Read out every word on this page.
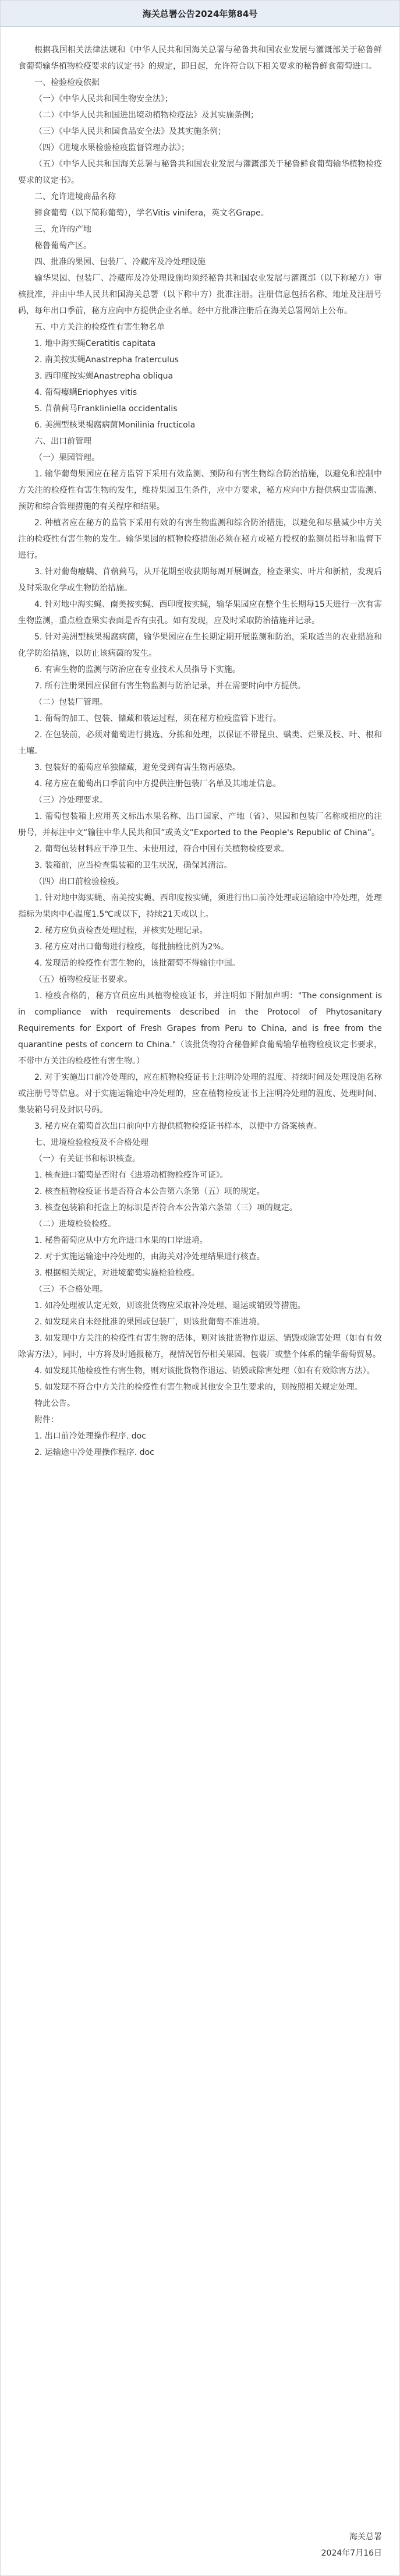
海关总署公告2024年第84号

根据我国相关法律法规和《中华人民共和国海关总署与秘鲁共和国农业发展与灌溉部关于秘鲁鲜食葡萄输华植物检疫要求的议定书》的规定，即日起，允许符合以下相关要求的秘鲁鲜食葡萄进口。

一、检验检疫依据

（一）《中华人民共和国生物安全法》；

（二）《中华人民共和国进出境动植物检疫法》及其实施条例；

（三）《中华人民共和国食品安全法》及其实施条例；

（四）《进境水果检验检疫监督管理办法》；

（五）《中华人民共和国海关总署与秘鲁共和国农业发展与灌溉部关于秘鲁鲜食葡萄输华植物检疫要求的议定书》。

二、允许进境商品名称

鲜食葡萄（以下简称葡萄），学名Vitis vinifera，英文名Grape。

三、允许的产地

秘鲁葡萄产区。

四、批准的果园、包装厂、冷藏库及冷处理设施

输华果园、包装厂、冷藏库及冷处理设施均须经秘鲁共和国农业发展与灌溉部（以下称秘方）审核批准，并由中华人民共和国海关总署（以下称中方）批准注册。注册信息包括名称、地址及注册号码，每年出口季前，秘方应向中方提供企业名单。经中方批准注册后在海关总署网站上公布。

五、中方关注的检疫性有害生物名单

1. 地中海实蝇Ceratitis capitata

2. 南美按实蝇Anastrepha fraterculus

3. 西印度按实蝇Anastrepha obliqua

4. 葡萄瘿螨Eriophyes vitis

5. 苜蓿蓟马Frankliniella occidentalis

6. 美洲型核果褐腐病菌Monilinia fructicola

六、出口前管理

（一）果园管理。

1. 输华葡萄果园应在秘方监管下采用有效监测、预防和有害生物综合防治措施，以避免和控制中方关注的检疫性有害生物的发生，维持果园卫生条件，应中方要求，秘方应向中方提供病虫害监测、预防和综合管理措施的有关程序和结果。

2. 种植者应在秘方的监管下采用有效的有害生物监测和综合防治措施，以避免和尽量减少中方关注的检疫性有害生物的发生。输华果园的植物检疫措施必须在秘方或秘方授权的监测员指导和监督下进行。

3. 针对葡萄瘿螨、苜蓿蓟马，从开花期至收获期每周开展调查，检查果实、叶片和新梢，发现后及时采取化学或生物防治措施。

4. 针对地中海实蝇、南美按实蝇、西印度按实蝇，输华果园应在整个生长期每15天进行一次有害生物监测，重点检查果实表面是否有虫孔。如有发现，应及时采取防治措施并记录。

5. 针对美洲型核果褐腐病菌，输华果园应在生长期定期开展监测和防治，采取适当的农业措施和化学防治措施，以防止该病菌的发生。

6. 有害生物的监测与防治应在专业技术人员指导下实施。

7. 所有注册果园应保留有害生物监测与防治记录，并在需要时向中方提供。

（二）包装厂管理。

1. 葡萄的加工、包装、储藏和装运过程，须在秘方检疫监管下进行。

2. 在包装前，必须对葡萄进行挑选、分拣和处理，以保证不带昆虫、螨类、烂果及枝、叶、根和土壤。

3. 包装好的葡萄应单独储藏，避免受到有害生物再感染。

4. 秘方应在葡萄出口季前向中方提供注册包装厂名单及其地址信息。

（三）冷处理要求。

1. 葡萄包装箱上应用英文标出水果名称、出口国家、产地（省）、果园和包装厂名称或相应的注册号，并标注中文“输往中华人民共和国”或英文“Exported to the People's Republic of China”。

2. 葡萄包装材料应干净卫生、未使用过，符合中国有关植物检疫要求。

3. 装箱前，应当检查集装箱的卫生状况，确保其清洁。

（四）出口前检验检疫。

1. 针对地中海实蝇、南美按实蝇、西印度按实蝇，须进行出口前冷处理或运输途中冷处理，处理指标为果肉中心温度1.5℃或以下，持续21天或以上。

2. 秘方应负责检查处理过程，并核实处理记录。

3. 秘方应对出口葡萄进行检疫，每批抽检比例为2%。

4. 发现活的检疫性有害生物的，该批葡萄不得输往中国。

（五）植物检疫证书要求。

1. 检疫合格的，秘方官员应出具植物检疫证书，并注明如下附加声明："The consignment is in compliance with requirements described in the Protocol of Phytosanitary Requirements for Export of Fresh Grapes from Peru to China, and is free from the quarantine pests of concern to China."（该批货物符合秘鲁鲜食葡萄输华植物检疫议定书要求，不带中方关注的检疫性有害生物。）

2. 对于实施出口前冷处理的，应在植物检疫证书上注明冷处理的温度、持续时间及处理设施名称或注册号等信息。对于实施运输途中冷处理的，应在植物检疫证书上注明冷处理的温度、处理时间、集装箱号码及封识号码。

3. 秘方应在葡萄首次出口前向中方提供植物检疫证书样本，以便中方备案核查。

七、进境检验检疫及不合格处理

（一）有关证书和标识核查。

1. 核查进口葡萄是否附有《进境动植物检疫许可证》。

2. 核查植物检疫证书是否符合本公告第六条第（五）项的规定。

3. 核查包装箱和托盘上的标识是否符合本公告第六条第（三）项的规定。

（二）进境检验检疫。

1. 秘鲁葡萄应从中方允许进口水果的口岸进境。

2. 对于实施运输途中冷处理的，由海关对冷处理结果进行核查。

3. 根据相关规定，对进境葡萄实施检验检疫。

（三）不合格处理。

1. 如冷处理被认定无效，则该批货物应采取补冷处理、退运或销毁等措施。

2. 如发现来自未经批准的果园或包装厂，则该批葡萄不准进境。

3. 如发现中方关注的检疫性有害生物的活体，则对该批货物作退运、销毁或除害处理（如有有效除害方法），同时，中方将及时通报秘方，视情况暂停相关果园、包装厂或整个体系的输华葡萄贸易。

4. 如发现其他检疫性有害生物，则对该批货物作退运、销毁或除害处理（如有有效除害方法）。

5. 如发现不符合中方关注的检疫性有害生物或其他安全卫生要求的，则按照相关规定处理。

特此公告。

附件：

1. 出口前冷处理操作程序. doc

2. 运输途中冷处理操作程序. doc

海关总署
2024年7月16日
